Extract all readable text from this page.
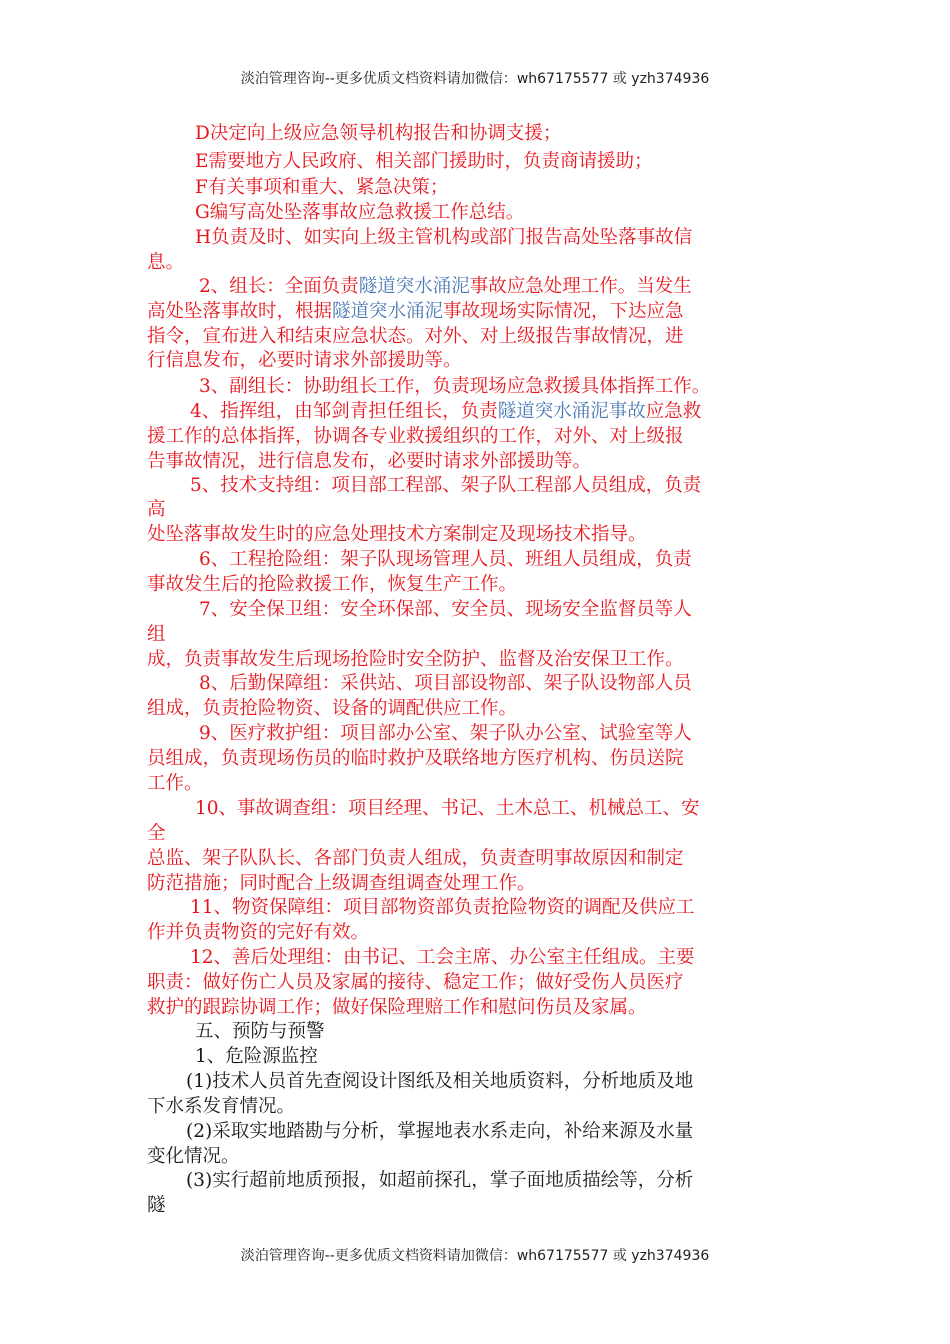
淡泊管理咨询--更多优质文档资料请加微信：wh67175577 或 yzh374936
D决定向上级应急领导机构报告和协调支援；
E需要地方人民政府、相关部门援助时，负责商请援助；
F有关事项和重大、紧急决策；
G编写高处坠落事故应急救援工作总结。
H负责及时、如实向上级主管机构或部门报告高处坠落事故信
息。
2、组长：全面负责隧道突水涌泥事故应急处理工作。当发生
高处坠落事故时，根据隧道突水涌泥事故现场实际情况，下达应急
指令，宣布进入和结束应急状态。对外、对上级报告事故情况，进
行信息发布，必要时请求外部援助等。
3、副组长：协助组长工作，负责现场应急救援具体指挥工作。
4、指挥组，由邹剑青担任组长，负责隧道突水涌泥事故应急救
援工作的总体指挥，协调各专业救援组织的工作，对外、对上级报
告事故情况，进行信息发布，必要时请求外部援助等。
5、技术支持组：项目部工程部、架子队工程部人员组成，负责
高
处坠落事故发生时的应急处理技术方案制定及现场技术指导。
6、工程抢险组：架子队现场管理人员、班组人员组成，负责
事故发生后的抢险救援工作，恢复生产工作。
7、安全保卫组：安全环保部、安全员、现场安全监督员等人
组
成，负责事故发生后现场抢险时安全防护、监督及治安保卫工作。
8、后勤保障组：采供站、项目部设物部、架子队设物部人员
组成，负责抢险物资、设备的调配供应工作。
9、医疗救护组：项目部办公室、架子队办公室、试验室等人
员组成，负责现场伤员的临时救护及联络地方医疗机构、伤员送院
工作。
10、事故调查组：项目经理、书记、土木总工、机械总工、安
全
总监、架子队队长、各部门负责人组成，负责查明事故原因和制定
防范措施；同时配合上级调查组调查处理工作。
11、物资保障组：项目部物资部负责抢险物资的调配及供应工
作并负责物资的完好有效。
12、善后处理组：由书记、工会主席、办公室主任组成。主要
职责：做好伤亡人员及家属的接待、稳定工作；做好受伤人员医疗
救护的跟踪协调工作；做好保险理赔工作和慰问伤员及家属。
五、预防与预警
1、危险源监控
(1)技术人员首先查阅设计图纸及相关地质资料，分析地质及地
下水系发育情况。
(2)采取实地踏勘与分析，掌握地表水系走向，补给来源及水量
变化情况。
(3)实行超前地质预报，如超前探孔，掌子面地质描绘等，分析
隧
淡泊管理咨询--更多优质文档资料请加微信：wh67175577 或 yzh374936
